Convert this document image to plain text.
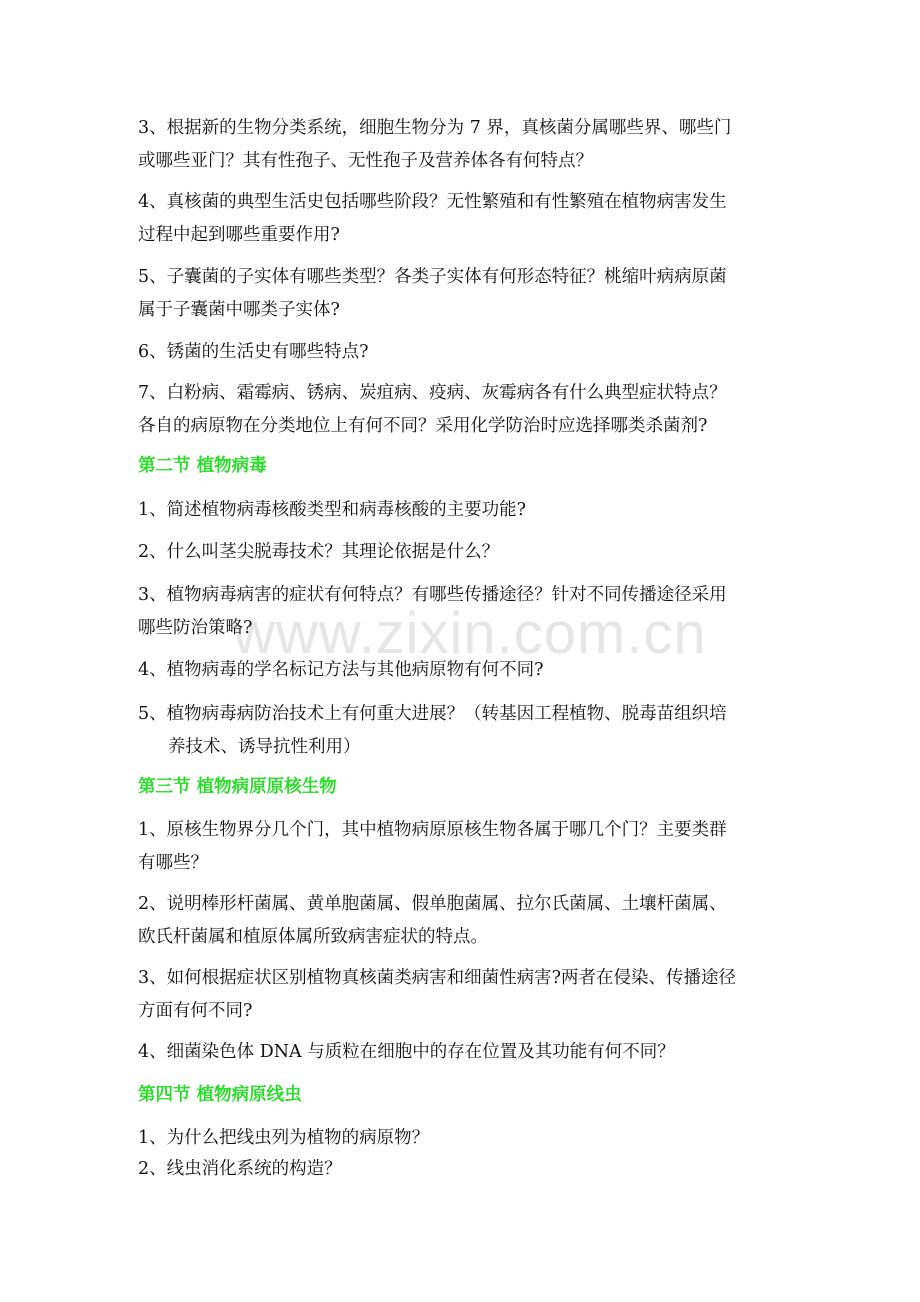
www.zixin.com.cn
3、根据新的生物分类系统，细胞生物分为 7 界，真核菌分属哪些界、哪些门
或哪些亚门？其有性孢子、无性孢子及营养体各有何特点？
4、真核菌的典型生活史包括哪些阶段？无性繁殖和有性繁殖在植物病害发生
过程中起到哪些重要作用?
5、子囊菌的子实体有哪些类型？各类子实体有何形态特征？桃缩叶病病原菌
属于子囊菌中哪类子实体?
6、锈菌的生活史有哪些特点?
7、白粉病、霜霉病、锈病、炭疽病、疫病、灰霉病各有什么典型症状特点？
各自的病原物在分类地位上有何不同？采用化学防治时应选择哪类杀菌剂?
第二节 植物病毒
1、简述植物病毒核酸类型和病毒核酸的主要功能?
2、什么叫茎尖脱毒技术？其理论依据是什么？
3、植物病毒病害的症状有何特点？有哪些传播途径？针对不同传播途径采用
哪些防治策略?
4、植物病毒的学名标记方法与其他病原物有何不同?
5、植物病毒病防治技术上有何重大进展？（转基因工程植物、脱毒苗组织培
养技术、诱导抗性利用）
第三节 植物病原原核生物
1、原核生物界分几个门，其中植物病原原核生物各属于哪几个门？主要类群
有哪些？
2、说明棒形杆菌属、黄单胞菌属、假单胞菌属、拉尔氏菌属、土壤杆菌属、
欧氏杆菌属和植原体属所致病害症状的特点。
3、如何根据症状区别植物真核菌类病害和细菌性病害?两者在侵染、传播途径
方面有何不同?
4、细菌染色体 DNA 与质粒在细胞中的存在位置及其功能有何不同？
第四节 植物病原线虫
1、为什么把线虫列为植物的病原物？
2、线虫消化系统的构造？
